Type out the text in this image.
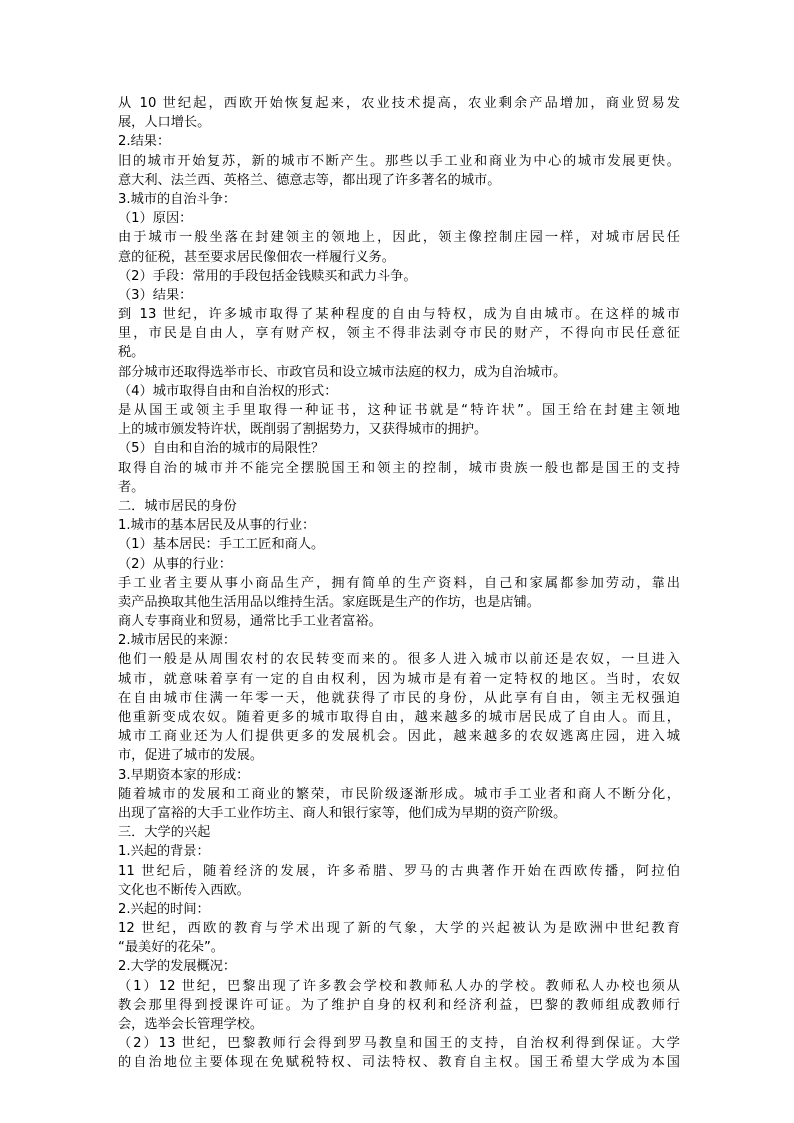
从 10 世纪起，西欧开始恢复起来，农业技术提高，农业剩余产品增加，商业贸易发
展，人口增长。
2.结果：
旧的城市开始复苏，新的城市不断产生。那些以手工业和商业为中心的城市发展更快。
意大利、法兰西、英格兰、德意志等，都出现了许多著名的城市。
3.城市的自治斗争：
（1）原因：
由于城市一般坐落在封建领主的领地上，因此，领主像控制庄园一样，对城市居民任
意的征税，甚至要求居民像佃农一样履行义务。
（2）手段：常用的手段包括金钱赎买和武力斗争。
（3）结果：
到 13 世纪，许多城市取得了某种程度的自由与特权，成为自由城市。在这样的城市
里，市民是自由人，享有财产权，领主不得非法剥夺市民的财产，不得向市民任意征
税。
部分城市还取得选举市长、市政官员和设立城市法庭的权力，成为自治城市。
（4）城市取得自由和自治权的形式：
是从国王或领主手里取得一种证书，这种证书就是“特许状”。国王给在封建主领地
上的城市颁发特许状，既削弱了割据势力，又获得城市的拥护。
（5）自由和自治的城市的局限性？
取得自治的城市并不能完全摆脱国王和领主的控制，城市贵族一般也都是国王的支持
者。
二．城市居民的身份
1.城市的基本居民及从事的行业：
（1）基本居民：手工工匠和商人。
（2）从事的行业：
手工业者主要从事小商品生产，拥有简单的生产资料，自己和家属都参加劳动，靠出
卖产品换取其他生活用品以维持生活。家庭既是生产的作坊，也是店铺。
商人专事商业和贸易，通常比手工业者富裕。
2.城市居民的来源：
他们一般是从周围农村的农民转变而来的。很多人进入城市以前还是农奴，一旦进入
城市，就意味着享有一定的自由权利，因为城市是有着一定特权的地区。当时，农奴
在自由城市住满一年零一天，他就获得了市民的身份，从此享有自由，领主无权强迫
他重新变成农奴。随着更多的城市取得自由，越来越多的城市居民成了自由人。而且，
城市工商业还为人们提供更多的发展机会。因此，越来越多的农奴逃离庄园，进入城
市，促进了城市的发展。
3.早期资本家的形成：
随着城市的发展和工商业的繁荣，市民阶级逐渐形成。城市手工业者和商人不断分化，
出现了富裕的大手工业作坊主、商人和银行家等，他们成为早期的资产阶级。
三．大学的兴起
1.兴起的背景：
11 世纪后，随着经济的发展，许多希腊、罗马的古典著作开始在西欧传播，阿拉伯
文化也不断传入西欧。
2.兴起的时间：
12 世纪，西欧的教育与学术出现了新的气象，大学的兴起被认为是欧洲中世纪教育
“最美好的花朵”。
2.大学的发展概况：
（1）12 世纪，巴黎出现了许多教会学校和教师私人办的学校。教师私人办校也须从
教会那里得到授课许可证。为了维护自身的权利和经济利益，巴黎的教师组成教师行
会，选举会长管理学校。
（2）13 世纪，巴黎教师行会得到罗马教皇和国王的支持，自治权利得到保证。大学
的自治地位主要体现在免赋税特权、司法特权、教育自主权。国王希望大学成为本国
